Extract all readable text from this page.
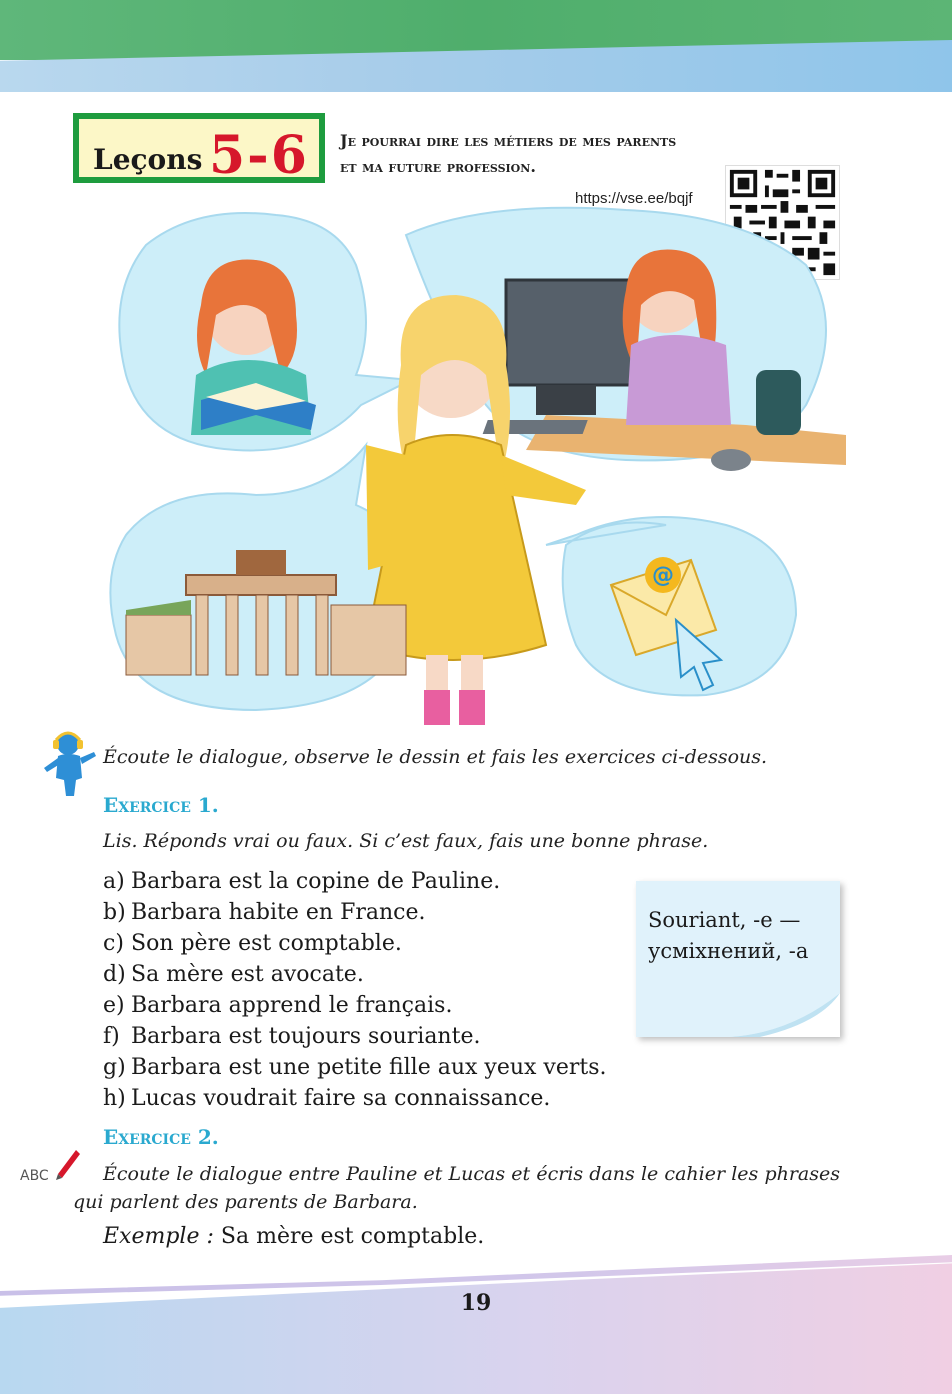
Leçons 5-6 Je pourrai dire les métiers de mes parents
et ma future profession.
https://vse.ee/bqjf
@
Écoute le dialogue, observe le dessin et fais les exercices ci-dessous.
Exercice 1.
Lis. Réponds vrai ou faux. Si c’est faux, fais une bonne phrase.
a) Barbara est la copine de Pauline.
b) Barbara habite en France.
c) Son père est comptable.
d) Sa mère est avocate.
e) Barbara apprend le français.
f) Barbara est toujours souriante.
g) Barbara est une petite fille aux yeux verts.
h) Lucas voudrait faire sa connaissance.
Souriant, -e —
усміхнений, -а
Exercice 2.
ABC	Écoute le dialogue entre Pauline et Lucas et écris dans le cahier les phrases qui parlent des parents de Barbara.
Exemple : Sa mère est comptable.
19
